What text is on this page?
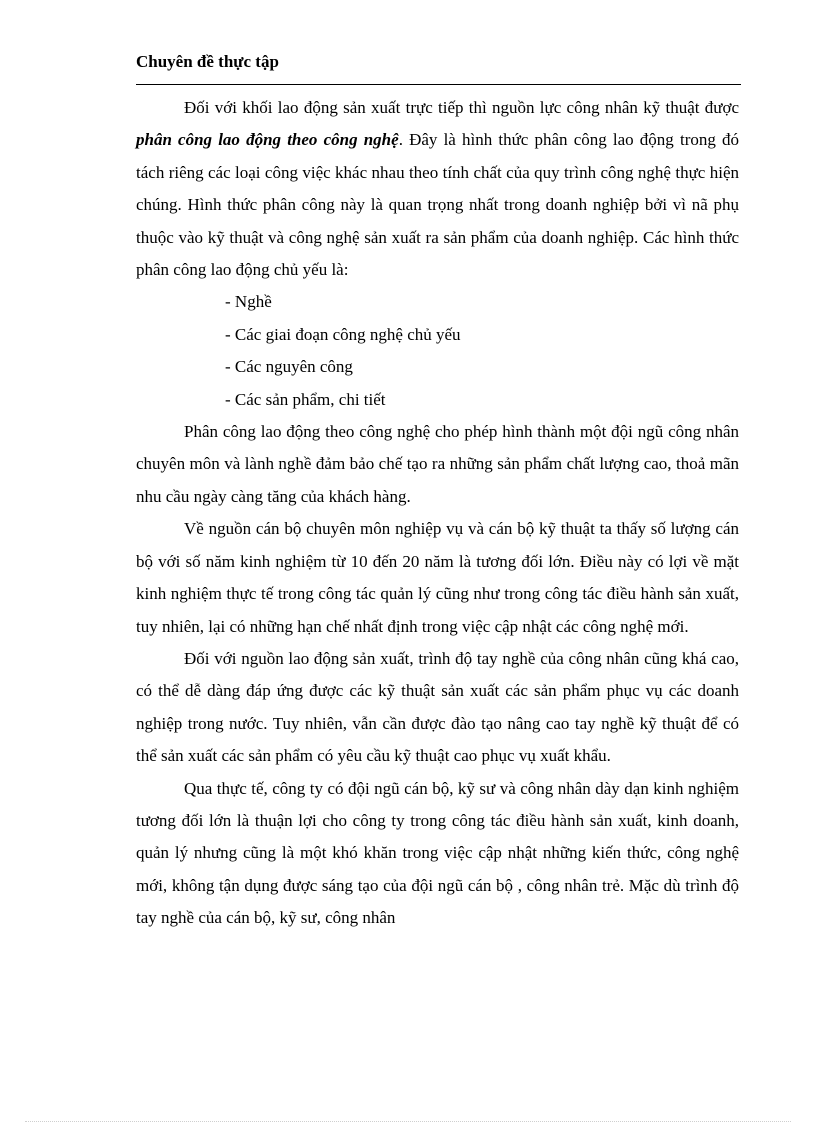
Chuyên đề thực tập

Đối với khối lao động sản xuất trực tiếp thì nguồn lực công nhân kỹ thuật được phân công lao động theo công nghệ. Đây là hình thức phân công lao động trong đó tách riêng các loại công việc khác nhau theo tính chất của quy trình công nghệ thực hiện chúng. Hình thức phân công này là quan trọng nhất trong doanh nghiệp bởi vì nã phụ thuộc vào kỹ thuật và công nghệ sản xuất ra sản phẩm của doanh nghiệp. Các hình thức phân công lao động chủ yếu là:

- Nghề
- Các giai đoạn công nghệ chủ yếu
- Các nguyên công
- Các sản phẩm, chi tiết

Phân công lao động theo công nghệ cho phép hình thành một đội ngũ công nhân chuyên môn và lành nghề đảm bảo chế tạo ra những sản phẩm chất lượng cao, thoả mãn nhu cầu ngày càng tăng của khách hàng.

Về nguồn cán bộ chuyên môn nghiệp vụ và cán bộ kỹ thuật ta thấy số lượng cán bộ với số năm kinh nghiệm từ 10 đến 20 năm là tương đối lớn. Điều này có lợi về mặt kinh nghiệm thực tế trong công tác quản lý cũng như trong công tác điều hành sản xuất, tuy nhiên, lại có những hạn chế nhất định trong việc cập nhật các công nghệ mới.

Đối với nguồn lao động sản xuất, trình độ tay nghề của công nhân cũng khá cao, có thể dễ dàng đáp ứng được các kỹ thuật sản xuất các sản phẩm phục vụ các doanh nghiệp trong nước. Tuy nhiên, vẫn cần được đào tạo nâng cao tay nghề kỹ thuật để có thể sản xuất các sản phẩm có yêu cầu kỹ thuật cao phục vụ xuất khẩu.

Qua thực tế, công ty có đội ngũ cán bộ, kỹ sư và công nhân dày dạn kinh nghiệm tương đối lớn là thuận lợi cho công ty trong công tác điều hành sản xuất, kinh doanh, quản lý nhưng cũng là một khó khăn trong việc cập nhật những kiến thức, công nghệ mới, không tận dụng được sáng tạo của đội ngũ cán bộ , công nhân trẻ. Mặc dù trình độ tay nghề của cán bộ, kỹ sư, công nhân
